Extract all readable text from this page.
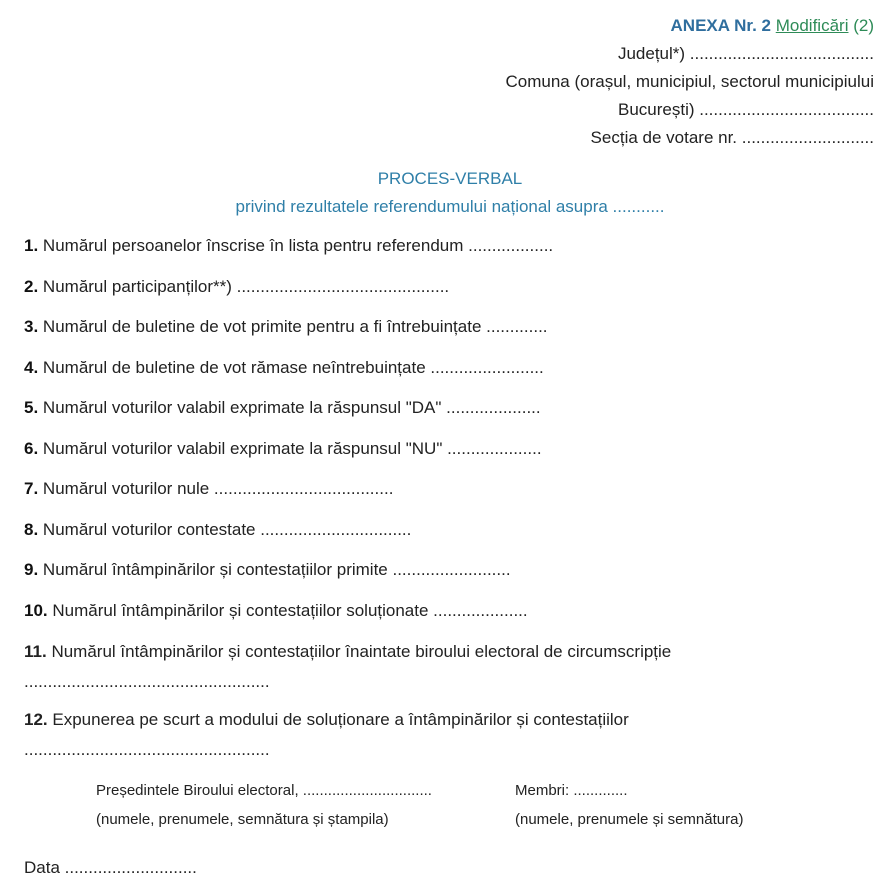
ANEXA Nr. 2 Modificări (2)
Județul*) .......................................
Comuna (orașul, municipiul, sectorul municipiului
București) .....................................
Secția de votare nr. ............................
PROCES-VERBAL
privind rezultatele referendumului național asupra ...........
1. Numărul persoanelor înscrise în lista pentru referendum ..................
2. Numărul participanților**) .............................................
3. Numărul de buletine de vot primite pentru a fi întrebuințate .............
4. Numărul de buletine de vot rămase neîntrebuințate ........................
5. Numărul voturilor valabil exprimate la răspunsul "DA" ....................
6. Numărul voturilor valabil exprimate la răspunsul "NU" ....................
7. Numărul voturilor nule ......................................
8. Numărul voturilor contestate ................................
9. Numărul întâmpinărilor și contestațiilor primite .........................
10. Numărul întâmpinărilor și contestațiilor soluționate ....................
11. Numărul întâmpinărilor și contestațiilor înaintate biroului electoral de circumscripție
....................................................
12. Expunerea pe scurt a modului de soluționare a întâmpinărilor și contestațiilor
....................................................
Președintele Biroului electoral, ...............................
(numele, prenumele, semnătura și ștampila)
Membri: .............
(numele, prenumele și semnătura)
Data ............................
